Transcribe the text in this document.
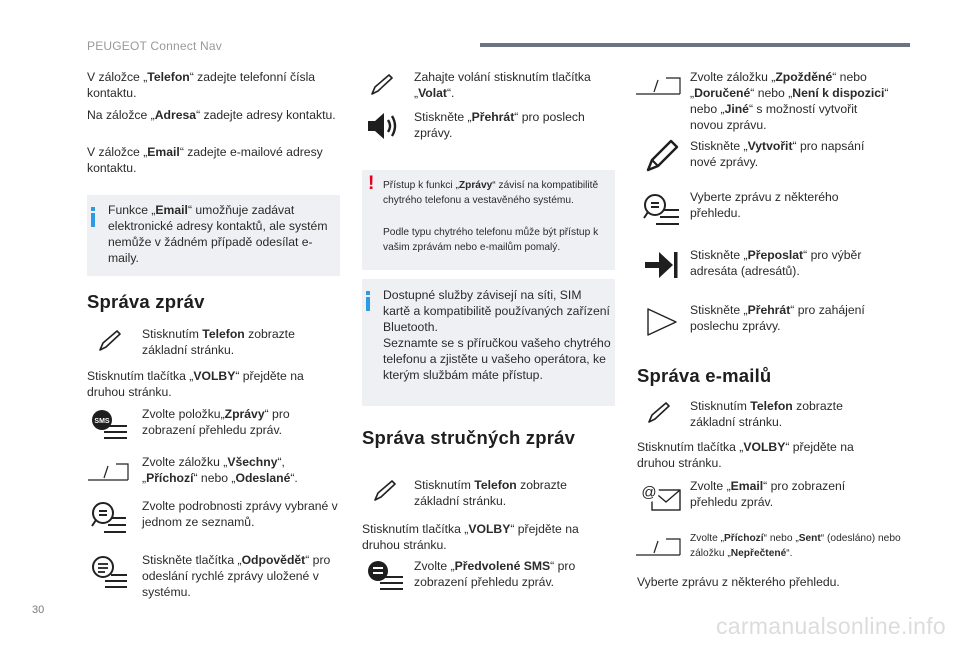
PEUGEOT Connect Nav

V záložce „Telefon“ zadejte telefonní čísla kontaktu.

Na záložce „Adresa“ zadejte adresy kontaktu.

V záložce „Email“ zadejte e-mailové adresy kontaktu.

Funkce „Email“ umožňuje zadávat elektronické adresy kontaktů, ale systém nemůže v žádném případě odesílat e-maily.

Správa zpráv

Stisknutím Telefon zobrazte základní stránku.

Stisknutím tlačítka „VOLBY“ přejděte na druhou stránku.

SMS

Zvolte položku„Zprávy“ pro zobrazení přehledu zpráv.

Zvolte záložku „Všechny“, „Příchozí“ nebo „Odeslané“.

Zvolte podrobnosti zprávy vybrané v jednom ze seznamů.

Stiskněte tlačítka „Odpovědět“ pro odeslání rychlé zprávy uložené v systému.

Zahajte volání stisknutím tlačítka „Volat“.

Stiskněte „Přehrát“ pro poslech zprávy.

! Přístup k funkci „Zprávy“ závisí na kompatibilitě chytrého telefonu a vestavěného systému.

Podle typu chytrého telefonu může být přístup k vašim zprávám nebo e-mailům pomalý.

Dostupné služby závisejí na síti, SIM kartě a kompatibilitě používaných zařízení Bluetooth.

Seznamte se s příručkou vašeho chytrého telefonu a zjistěte u vašeho operátora, ke kterým službám máte přístup.

Správa stručných zpráv

Stisknutím Telefon zobrazte základní stránku.

Stisknutím tlačítka „VOLBY“ přejděte na druhou stránku.

Zvolte „Předvolené SMS“ pro zobrazení přehledu zpráv.

Zvolte záložku „Zpožděné“ nebo „Doručené“ nebo „Není k dispozici“ nebo „Jiné“ s možností vytvořit novou zprávu.

Stiskněte „Vytvořit“ pro napsání nové zprávy.

Vyberte zprávu z některého přehledu.

Stiskněte „Přeposlat“ pro výběr adresáta (adresátů).

Stiskněte „Přehrát“ pro zahájení poslechu zprávy.

Správa e-mailů

Stisknutím Telefon zobrazte základní stránku.

Stisknutím tlačítka „VOLBY“ přejděte na druhou stránku.

@	Zvolte „Email“ pro zobrazení přehledu zpráv.

Zvolte „Příchozí“ nebo „Sent“ (odesláno) nebo záložku „Nepřečtené“.

Vyberte zprávu z některého přehledu.

30
carmanualsonline.info
